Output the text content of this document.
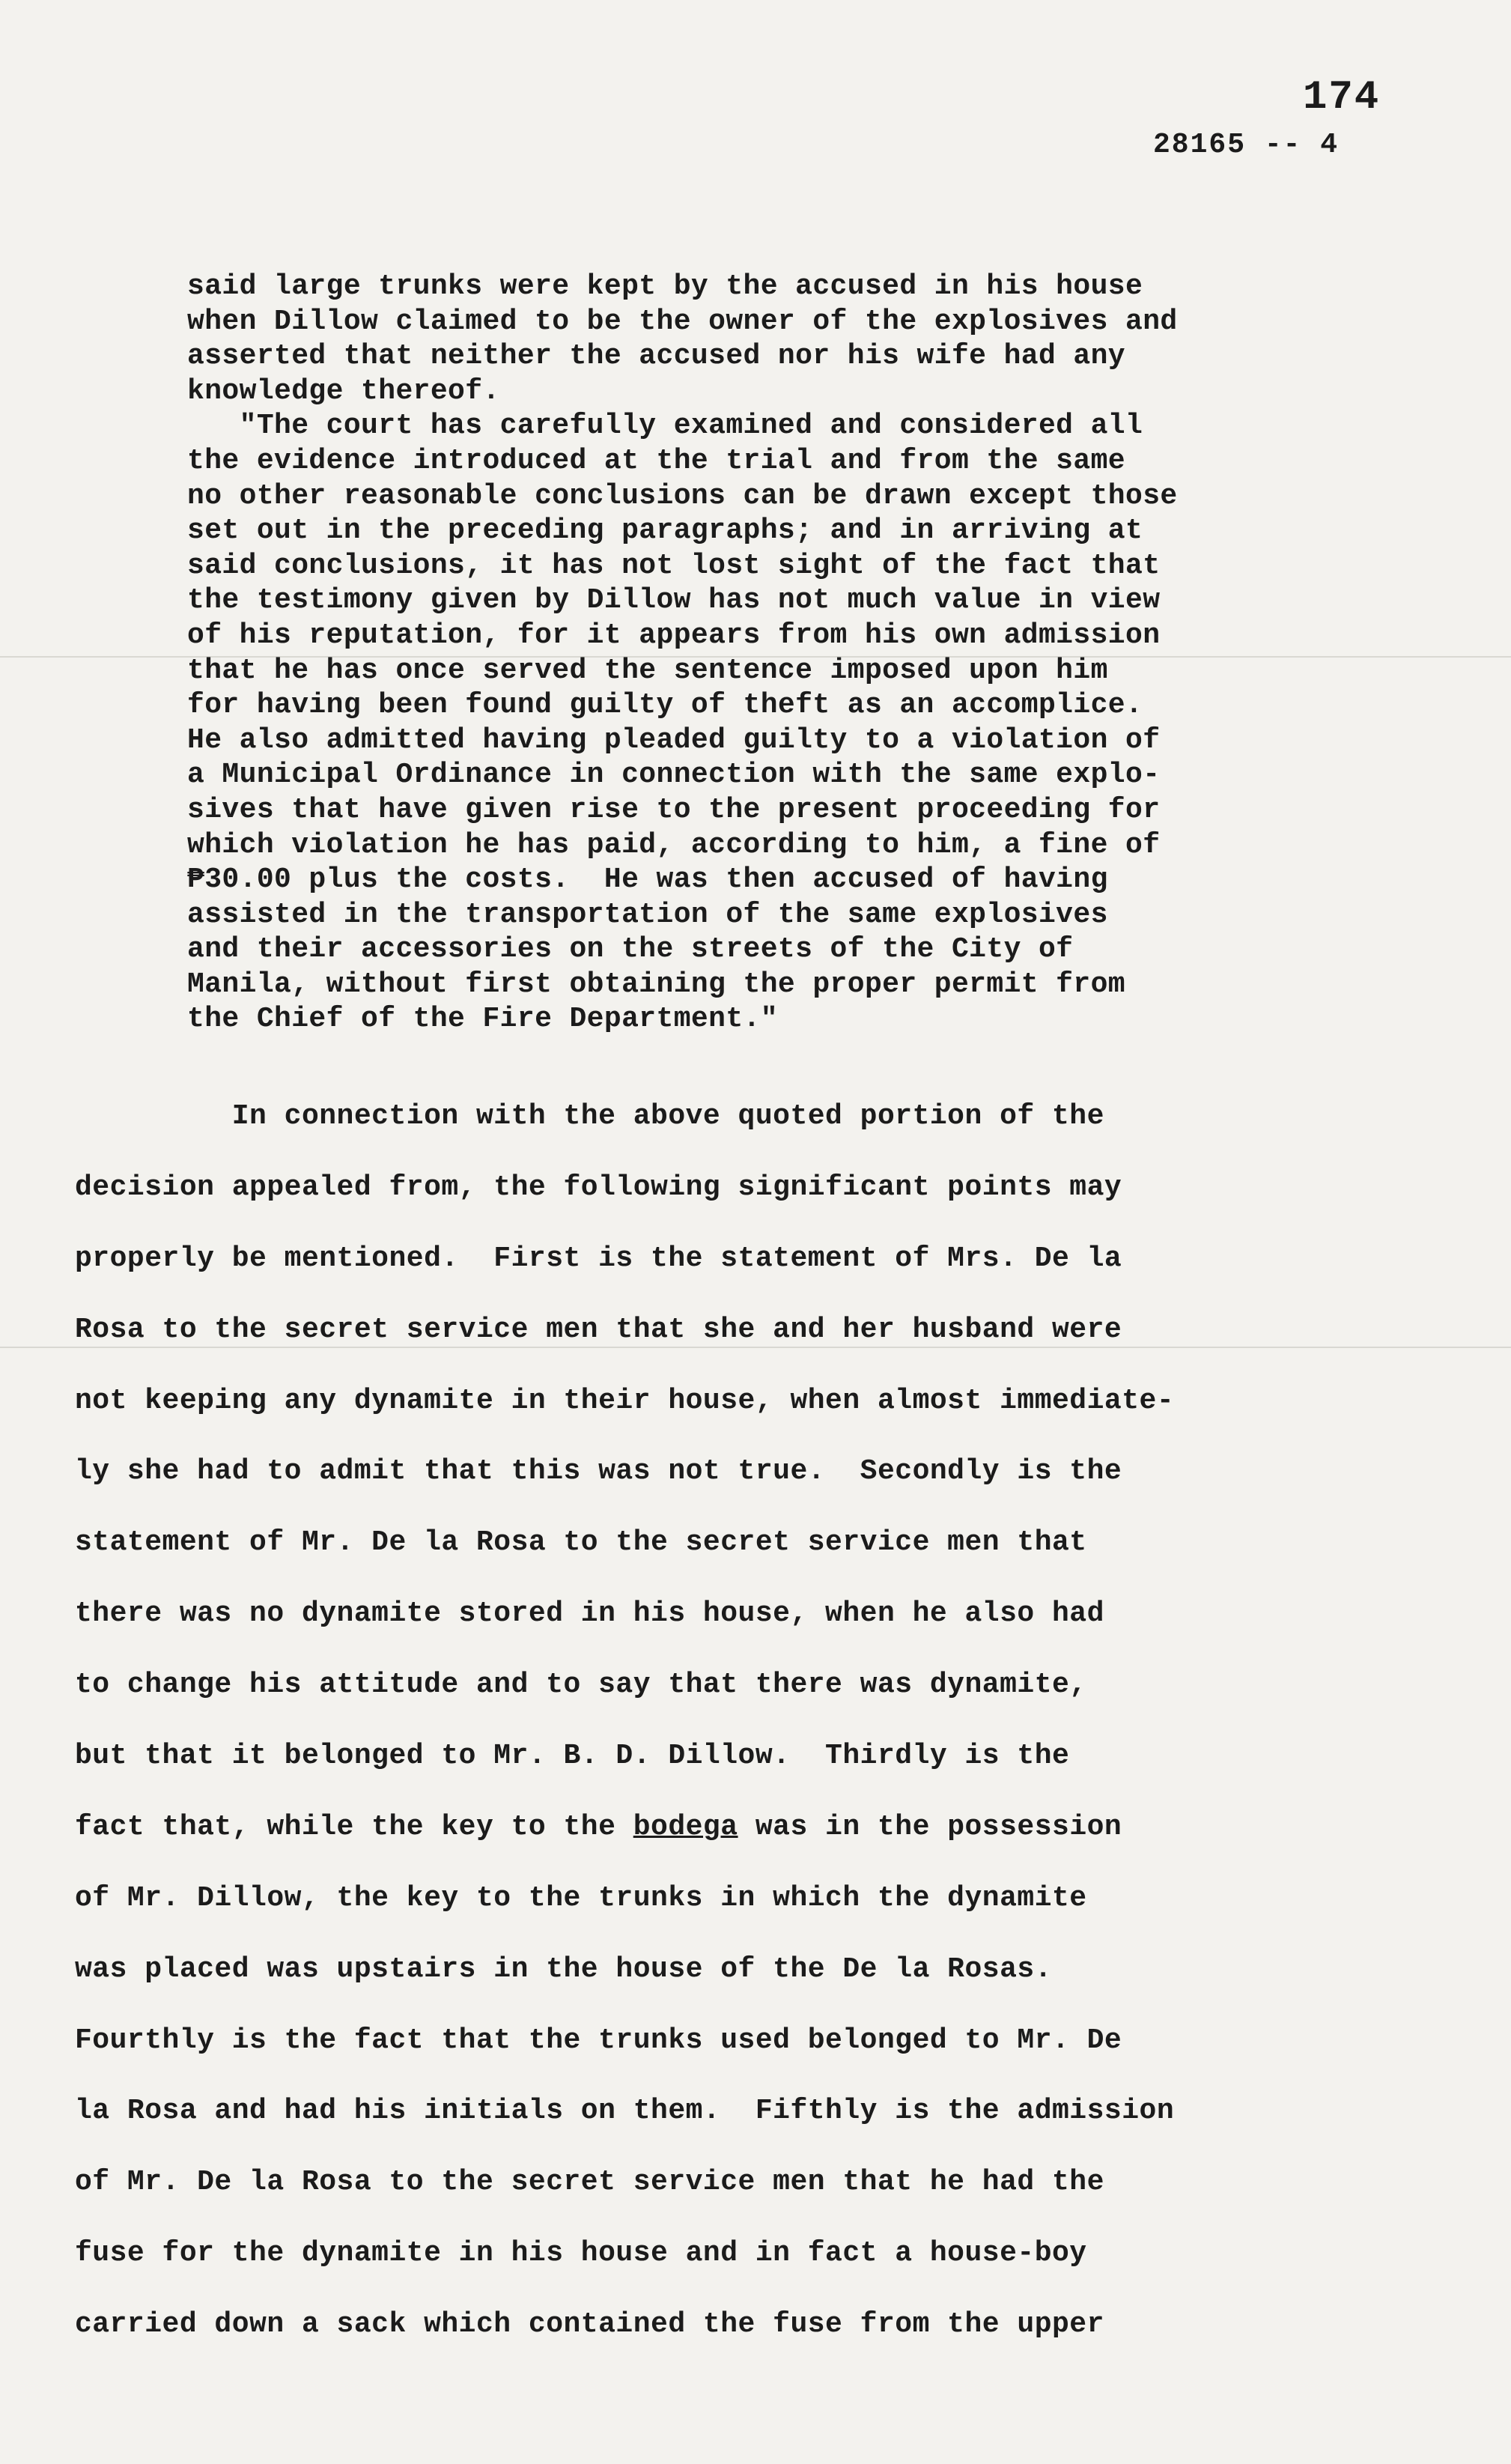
174
28165 -- 4
said large trunks were kept by the accused in his house
when Dillow claimed to be the owner of the explosives and
asserted that neither the accused nor his wife had any
knowledge thereof.
"The court has carefully examined and considered all
the evidence introduced at the trial and from the same
no other reasonable conclusions can be drawn except those
set out in the preceding paragraphs; and in arriving at
said conclusions, it has not lost sight of the fact that
the testimony given by Dillow has not much value in view
of his reputation, for it appears from his own admission
that he has once served the sentence imposed upon him
for having been found guilty of theft as an accomplice.
He also admitted having pleaded guilty to a violation of
a Municipal Ordinance in connection with the same explo-
sives that have given rise to the present proceeding for
which violation he has paid, according to him, a fine of
₱30.00 plus the costs.  He was then accused of having
assisted in the transportation of the same explosives
and their accessories on the streets of the City of
Manila, without first obtaining the proper permit from
the Chief of the Fire Department."
In connection with the above quoted portion of the
decision appealed from, the following significant points may
properly be mentioned.  First is the statement of Mrs. De la
Rosa to the secret service men that she and her husband were
not keeping any dynamite in their house, when almost immediate-
ly she had to admit that this was not true.  Secondly is the
statement of Mr. De la Rosa to the secret service men that
there was no dynamite stored in his house, when he also had
to change his attitude and to say that there was dynamite,
but that it belonged to Mr. B. D. Dillow.  Thirdly is the
fact that, while the key to the bodega was in the possession
of Mr. Dillow, the key to the trunks in which the dynamite
was placed was upstairs in the house of the De la Rosas.
Fourthly is the fact that the trunks used belonged to Mr. De
la Rosa and had his initials on them.  Fifthly is the admission
of Mr. De la Rosa to the secret service men that he had the
fuse for the dynamite in his house and in fact a house-boy
carried down a sack which contained the fuse from the upper
